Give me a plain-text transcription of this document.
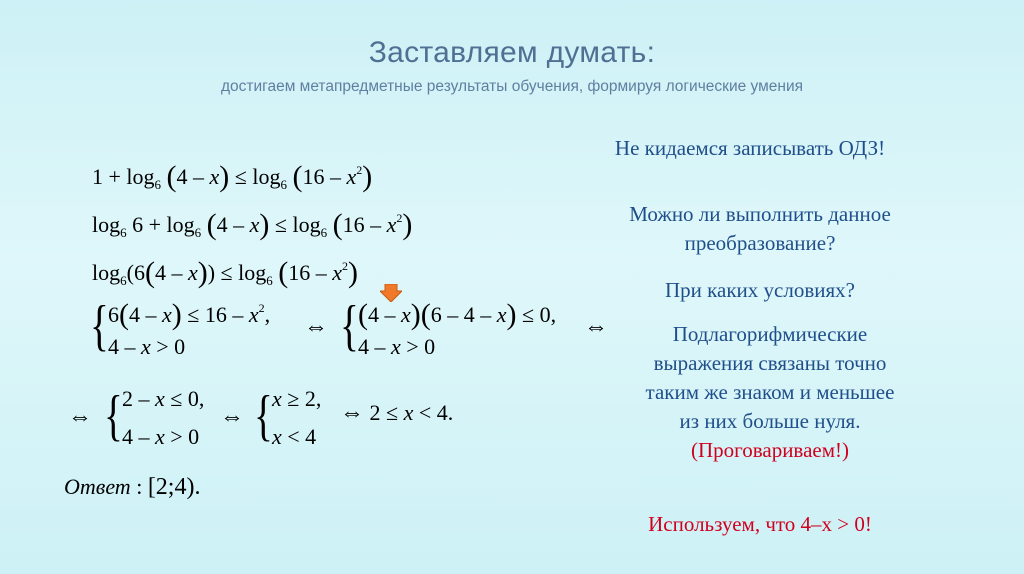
Заставляем думать:
достигаем метапредметные результаты обучения, формируя логические умения
$1 + \log_6 (4 - x) \le \log_6 (16 - x^2)$
$\log_6 6 + \log_6 (4 - x) \le \log_6 (16 - x^2)$
$\log_6(6(4 - x)) \le \log_6 (16 - x^2)$
{ $6(4 - x) \le 16 - x^2$,
4 – x > 0
⇔ { (4 – x)(6 – 4 – x) ≤ 0,
4 – x > 0
⇔
⇔ { 2 – x ≤ 0,
4 – x > 0
⇔ { x ≥ 2,
x < 4
⇔ 2 ≤ x < 4.
Ответ : [2;4).
Не кидаемся записывать ОДЗ!
Можно ли выполнить данное преобразование?
При каких условиях?
Подлагорифмические
выражения связаны точно
таким же знаком и меньшее
из них больше нуля.
(Проговариваем!)
Используем, что 4–x > 0!
